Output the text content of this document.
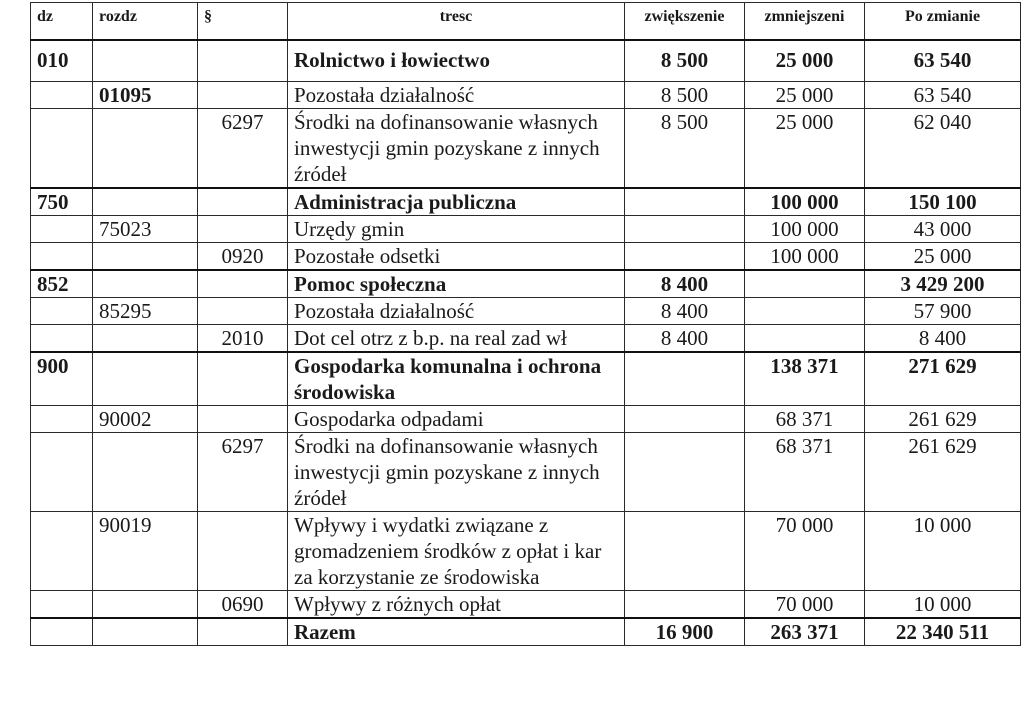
dz	rozdz	§	tresc	zwiększenie	zmniejszeni	Po zmianie
010			Rolnictwo i łowiectwo	8 500	25 000	63 540
	01095		Pozostała działalność	8 500	25 000	63 540
		6297	Środki na dofinansowanie własnych inwestycji gmin pozyskane z innych źródeł	8 500	25 000	62 040
750			Administracja publiczna		100 000	150 100
	75023		Urzędy gmin		100 000	43 000
		0920	Pozostałe odsetki		100 000	25 000
852			Pomoc społeczna	8 400		3 429 200
	85295		Pozostała działalność	8 400		57 900
		2010	Dot cel otrz z b.p. na real zad wł	8 400		8 400
900			Gospodarka komunalna i ochrona środowiska		138 371	271 629
	90002		Gospodarka odpadami		68 371	261 629
		6297	Środki na dofinansowanie własnych inwestycji gmin pozyskane z innych źródeł		68 371	261 629
	90019		Wpływy i wydatki związane z gromadzeniem środków z opłat i kar za korzystanie ze środowiska		70 000	10 000
		0690	Wpływy z różnych opłat		70 000	10 000
			Razem	16 900	263 371	22 340 511
